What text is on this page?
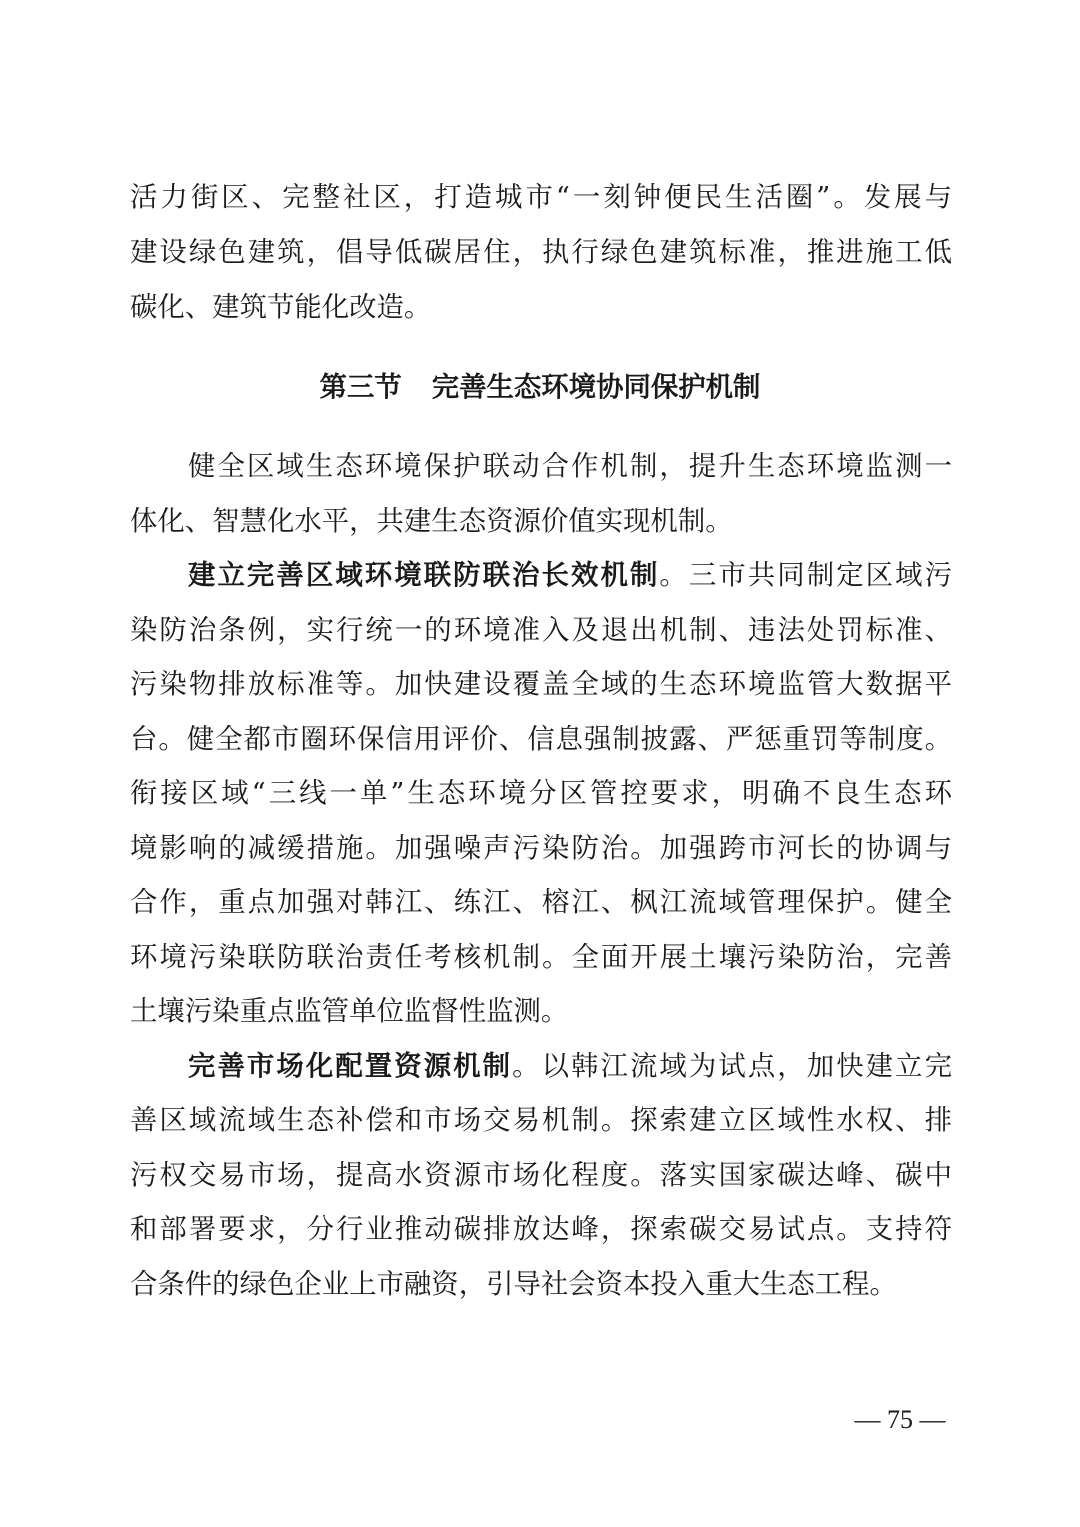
活力街区、完整社区，打造城市“一刻钟便民生活圈”。发展与
建设绿色建筑，倡导低碳居住，执行绿色建筑标准，推进施工低
碳化、建筑节能化改造。
第三节 完善生态环境协同保护机制
健全区域生态环境保护联动合作机制，提升生态环境监测一
体化、智慧化水平，共建生态资源价值实现机制。
建立完善区域环境联防联治长效机制。三市共同制定区域污
染防治条例，实行统一的环境准入及退出机制、违法处罚标准、
污染物排放标准等。加快建设覆盖全域的生态环境监管大数据平
台。健全都市圈环保信用评价、信息强制披露、严惩重罚等制度。
衔接区域“三线一单”生态环境分区管控要求，明确不良生态环
境影响的减缓措施。加强噪声污染防治。加强跨市河长的协调与
合作，重点加强对韩江、练江、榕江、枫江流域管理保护。健全
环境污染联防联治责任考核机制。全面开展土壤污染防治，完善
土壤污染重点监管单位监督性监测。
完善市场化配置资源机制。以韩江流域为试点，加快建立完
善区域流域生态补偿和市场交易机制。探索建立区域性水权、排
污权交易市场，提高水资源市场化程度。落实国家碳达峰、碳中
和部署要求，分行业推动碳排放达峰，探索碳交易试点。支持符
合条件的绿色企业上市融资，引导社会资本投入重大生态工程。
— 75 —
